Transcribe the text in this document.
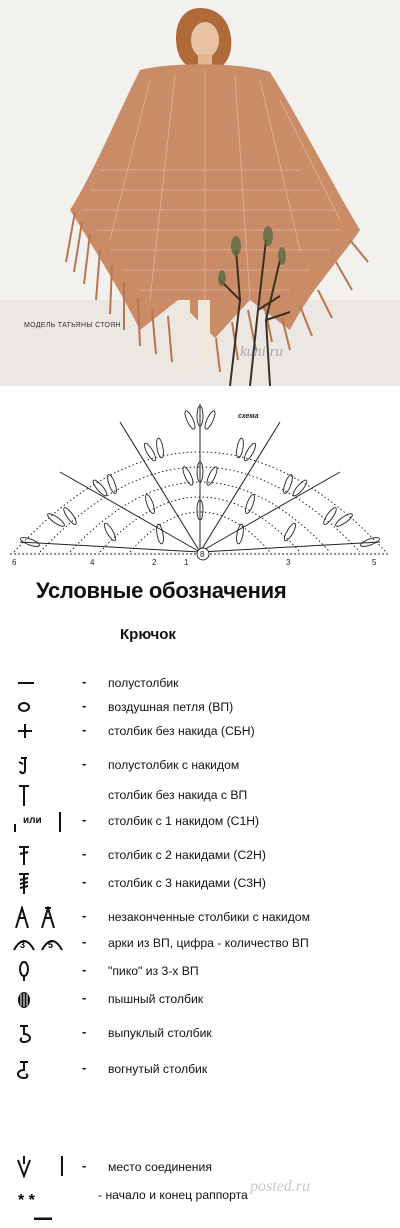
МОДЕЛЬ ТАТЬЯНЫ СТОЯН
kuni.ru
схема
6	4	2	1
8
3	5
Условные обозначения
Крючок
- полустолбик
- воздушная петля (ВП)
- столбик без накида (СБН)
- полустолбик с накидом
столбик без накида с ВП
или	- столбик с 1 накидом (С1Н)
- столбик с 2 накидами (С2Н)
- столбик с 3 накидами (С3Н)
- незаконченные столбики с накидом
3	5 - арки из ВП, цифра - количество ВП
- "пико" из 3-х ВП
- пышный столбик
- выпуклый столбик
- вогнутый столбик
- место соединения
* *	- начало и конец раппорта posted.ru
